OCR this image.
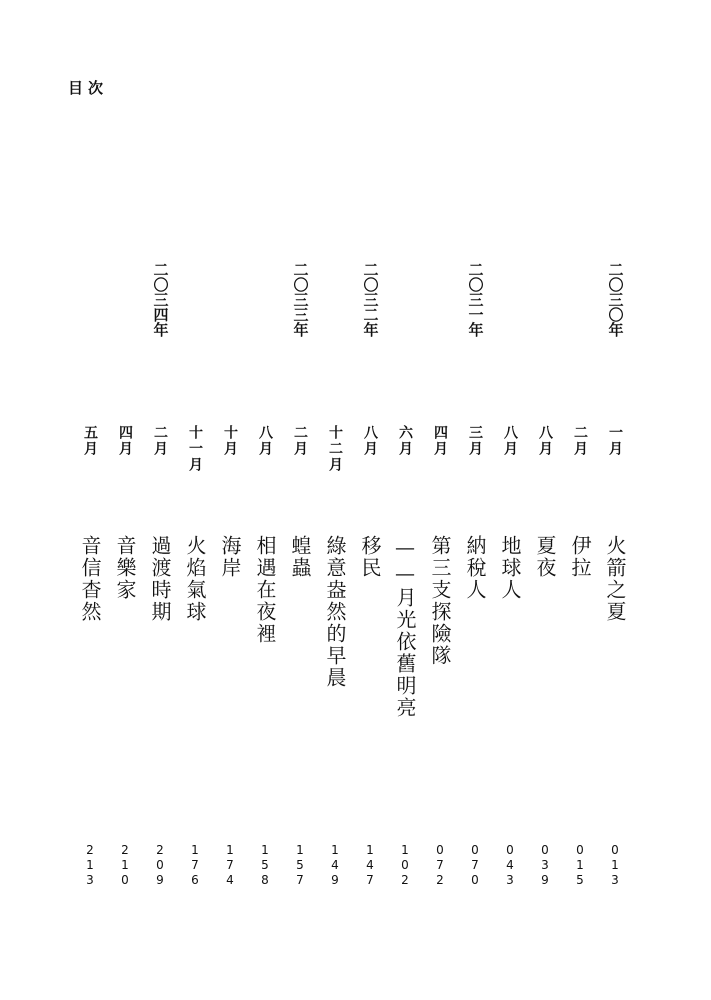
目次
二〇三〇年
一月
火箭之夏
013
二月
伊拉
015
八月
夏夜
039
八月
地球人
043
二〇三一年
三月
納稅人
070
四月
第三支探險隊
072
六月
——月光依舊明亮
102
二〇三二年
八月
移民
147
十二月
綠意盎然的早晨
149
二〇三三年
二月
蝗蟲
157
八月
相遇在夜裡
158
十月
海岸
174
十一月
火焰氣球
176
二〇三四年
二月
過渡時期
209
四月
音樂家
210
五月
音信杳然
213
